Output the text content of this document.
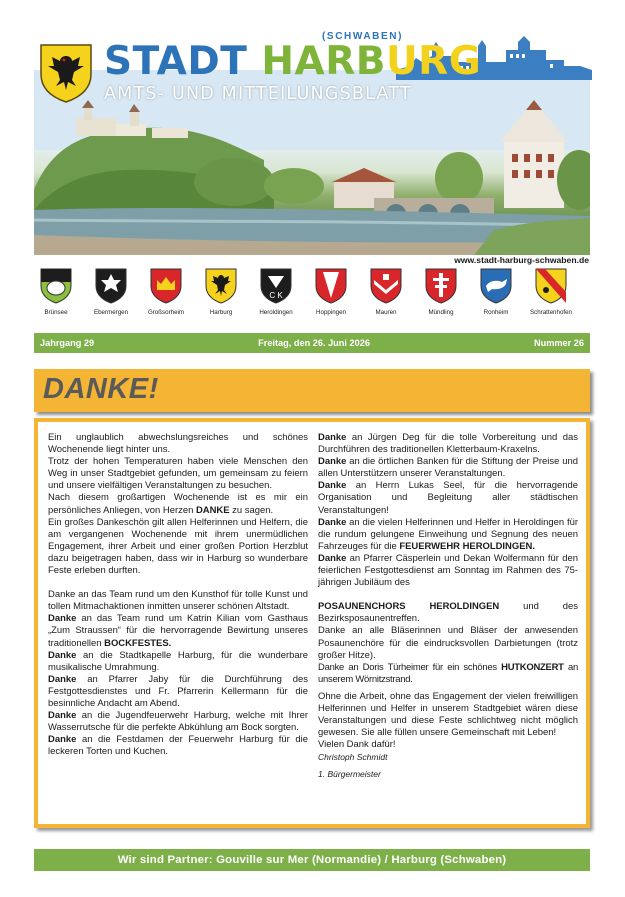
(SCHWABEN)
STADT HARBURG
AMTS- UND MITTEILUNGSBLATT
www.stadt-harburg-schwaben.de
Brünsee	Ebermergen	Großsorheim	Harburg
C K
Heroldingen	Hoppingen	Mauren	Mündling	Ronheim	Schrattenhofen
Jahrgang 29	Freitag, den 26. Juni 2026	Nummer 26
DANKE!

Ein unglaublich abwechslungsreiches und schönes Wochenende liegt hinter uns.

Trotz der hohen Temperaturen haben viele Menschen den Weg in unser Stadtgebiet gefunden, um gemeinsam zu feiern und unsere vielfältigen Veranstaltungen zu besuchen.

Nach diesem großartigen Wochenende ist es mir ein persönliches Anliegen, von Herzen DANKE zu sagen.

Ein großes Dankeschön gilt allen Helferinnen und Helfern, die am vergangenen Wochenende mit ihrem unermüdlichen Engagement, ihrer Arbeit und einer großen Portion Herzblut dazu beigetragen haben, dass wir in Harburg so wunderbare Feste erleben durften.

Danke an das Team rund um den Kunsthof für tolle Kunst und tollen Mitmachaktionen inmitten unserer schönen Altstadt.

Danke an das Team rund um Katrin Kilian vom Gasthaus „Zum Straussen“ für die hervorragende Bewirtung unseres traditionellen BOCKFESTES.

Danke an die Stadtkapelle Harburg, für die wunderbare musikalische Umrahmung.

Danke an Pfarrer Jaby für die Durchführung des Festgottesdienstes und Fr. Pfarrerin Kellermann für die besinnliche Andacht am Abend.

Danke an die Jugendfeuerwehr Harburg, welche mit Ihrer Wasserrutsche für die perfekte Abkühlung am Bock sorgten.

Danke an die Festdamen der Feuerwehr Harburg für die leckeren Torten und Kuchen.

Danke an Jürgen Deg für die tolle Vorbereitung und das Durchführen des traditionellen Kletterbaum-Kraxelns.

Danke an die örtlichen Banken für die Stiftung der Preise und allen Unterstützern unserer Veranstaltungen.

Danke an Herrn Lukas Seel, für die hervorragende Organisation und Begleitung aller städtischen Veranstaltungen!

Danke an die vielen Helferinnen und Helfer in Heroldingen für die rundum gelungene Einweihung und Segnung des neuen Fahrzeuges für die FEUERWEHR HEROLDINGEN.

Danke an Pfarrer Cäsperlein und Dekan Wolfermann für den feierlichen Festgottesdienst am Sonntag im Rahmen des 75-jährigen Jubiläum des

POSAUNENCHORS HEROLDINGEN und des Bezirksposaunentreffen.

Danke an alle Bläserinnen und Bläser der anwesenden Posaunenchöre für die eindrucksvollen Darbietungen (trotz großer Hitze).

Danke an Doris Türheimer für ein schönes HUTKONZERT an unserem Wörnitzstrand.

Ohne die Arbeit, ohne das Engagement der vielen freiwilligen Helferinnen und Helfer in unserem Stadtgebiet wären diese Veranstaltungen und diese Feste schlichtweg nicht möglich gewesen. Sie alle füllen unsere Gemeinschaft mit Leben!

Vielen Dank dafür!

Christoph Schmidt

1. Bürgermeister

Wir sind Partner: Gouville sur Mer (Normandie) / Harburg (Schwaben)
